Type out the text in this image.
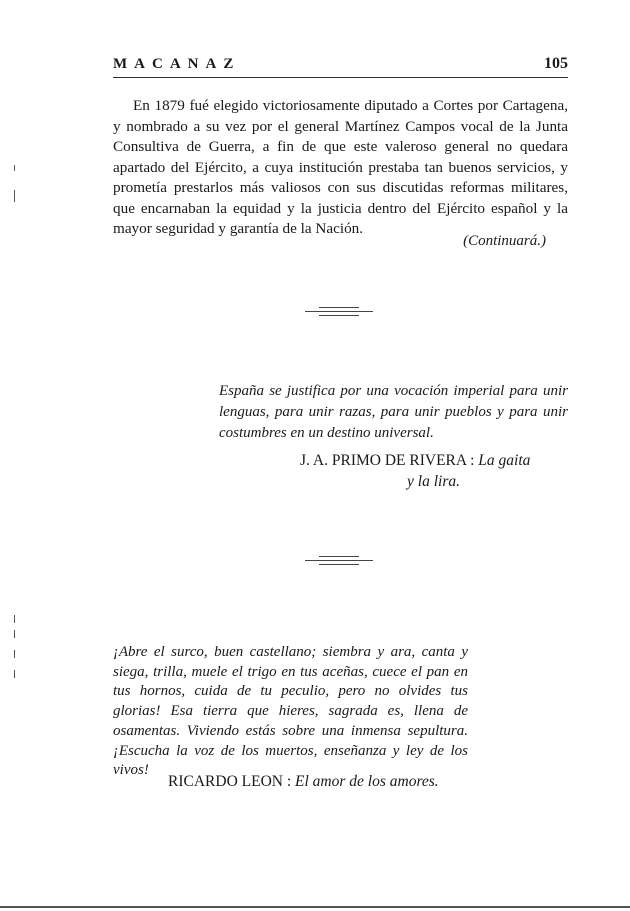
MACANAZ	105

En 1879 fué elegido victoriosamente diputado a Cortes por Cartagena, y nombrado a su vez por el general Martínez Campos vocal de la Junta Consultiva de Guerra, a fin de que este valeroso general no quedara apartado del Ejército, a cuya institución prestaba tan buenos servicios, y prometía prestarlos más valiosos con sus discutidas reformas militares, que encarnaban la equidad y la justicia dentro del Ejército español y la mayor seguridad y garantía de la Nación.

(Continuará.)

España se justifica por una vocación imperial para unir lenguas, para unir razas, para unir pueblos y para unir costumbres en un destino universal.

J. A. PRIMO DE RIVERA : La gaita
y la lira.

¡Abre el surco, buen castellano; siembra y ara, canta y siega, trilla, muele el trigo en tus aceñas, cuece el pan en tus hornos, cuida de tu peculio, pero no olvides tus glorias! Esa tierra que hieres, sagrada es, llena de osamentas. Viviendo estás sobre una inmensa sepultura. ¡Escucha la voz de los muertos, enseñanza y ley de los vivos!

RICARDO LEON : El amor de los amores.
